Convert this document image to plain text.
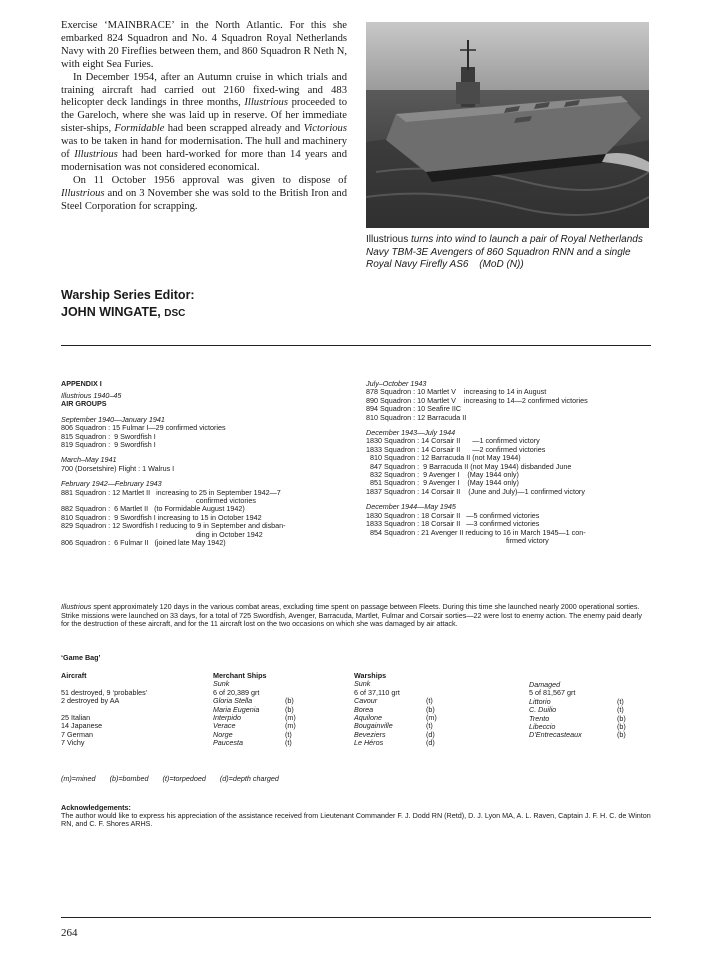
Exercise ‘MAINBRACE’ in the North Atlantic. For this she embarked 824 Squadron and No. 4 Squadron Royal Netherlands Navy with 20 Fireflies between them, and 860 Squadron R Neth N, with eight Sea Furies.

In December 1954, after an Autumn cruise in which trials and training aircraft had carried out 2160 fixed-wing and 483 helicopter deck landings in three months, Illustrious proceeded to the Gareloch, where she was laid up in reserve. Of her immediate sister-ships, Formidable had been scrapped already and Victorious was to be taken in hand for modernisation. The hull and machinery of Illustrious had been hard-worked for more than 14 years and modernisation was not considered economical.

On 11 October 1956 approval was given to dispose of Illustrious and on 3 November she was sold to the British Iron and Steel Corporation for scrapping.

Illustrious turns into wind to launch a pair of Royal Netherlands Navy TBM-3E Avengers of 860 Squadron RNN and a single Royal Navy Firefly AS6 (MoD (N))
Warship Series Editor:
JOHN WINGATE, DSC
APPENDIX I
Illustrious 1940–45
AIR GROUPS
September 1940—January 1941
806 Squadron : 15 Fulmar I—29 confirmed victories
815 Squadron :  9 Swordfish I
819 Squadron :  9 Swordfish I
March–May 1941
700 (Dorsetshire) Flight : 1 Walrus I
February 1942—February 1943
881 Squadron : 12 Martlet II   increasing to 25 in September 1942—7
confirmed victories
882 Squadron :  6 Martlet II   (to Formidable August 1942)
810 Squadron :  9 Swordfish I increasing to 15 in October 1942
829 Squadron : 12 Swordfish I reducing to 9 in September and disban-
ding in October 1942
806 Squadron :  6 Fulmar II   (joined late May 1942)
July–October 1943
878 Squadron : 10 Martlet V    increasing to 14 in August
890 Squadron : 10 Martlet V    increasing to 14—2 confirmed victories
894 Squadron : 10 Seafire IIC
810 Squadron : 12 Barracuda II
December 1943—July 1944
1830 Squadron : 14 Corsair II      —1 confirmed victory
1833 Squadron : 14 Corsair II      —2 confirmed victories
810 Squadron : 12 Barracuda II (not May 1944)
847 Squadron :  9 Barracuda II (not May 1944) disbanded June
832 Squadron :  9 Avenger I    (May 1944 only)
851 Squadron :  9 Avenger I    (May 1944 only)
1837 Squadron : 14 Corsair II    (June and July)—1 confirmed victory
December 1944—May 1945
1830 Squadron : 18 Corsair II   —5 confirmed victories
1833 Squadron : 18 Corsair II   —3 confirmed victories
854 Squadron : 21 Avenger II reducing to 16 in March 1945—1 con-
firmed victory
Illustrious spent approximately 120 days in the various combat areas, excluding time spent on passage between Fleets. During this time she launched nearly 2000 operational sorties. Strike missions were launched on 33 days, for a total of 725 Swordfish, Avenger, Barracuda, Martlet, Fulmar and Corsair sorties—22 were lost to enemy action. The enemy paid dearly for the destruction of these aircraft, and for the 11 aircraft lost on the two occasions on which she was damaged by air attack.
‘Game Bag’
Aircraft
51 destroyed, 9 ‘probables’
2 destroyed by AA
25 Italian
14 Japanese
7 German
7 Vichy
Merchant Ships
Sunk
6 of 20,389 grt
Gloria Stella	(b)
Maria Eugenia	(b)
Interpido	(m)
Verace	(m)
Norge	(t)
Paucesta	(t)
Warships
Sunk
6 of 37,110 grt
Cavour	(t)
Borea	(b)
Aquilone	(m)
Bougainville	(t)
Beveziers	(d)
Le Héros	(d)
Damaged
5 of 81,567 grt
Littorio	(t)
C. Duilio	(t)
Trento	(b)
Libeccio	(b)
D’Entrecasteaux	(b)
(m)=mined (b)=bombed (t)=torpedoed (d)=depth charged
Acknowledgements:
The author would like to express his appreciation of the assistance received from Lieutenant Commander F. J. Dodd RN (Retd), D. J. Lyon MA, A. L. Raven, Captain J. F. H. C. de Winton RN, and C. F. Shores ARHS.
264
